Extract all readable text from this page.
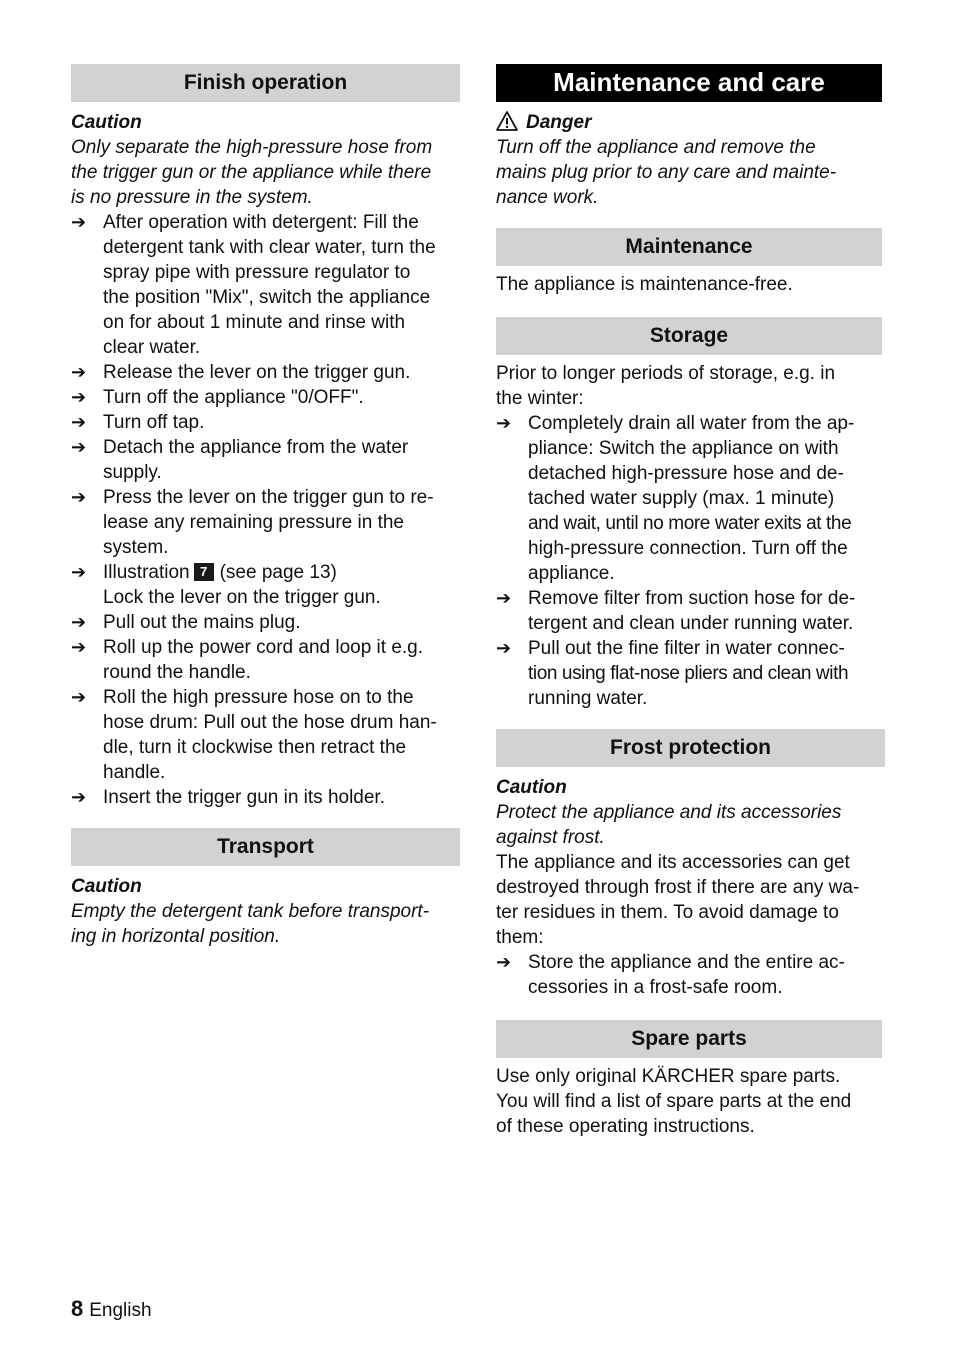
Finish operation
Caution
Only separate the high-pressure hose from
the trigger gun or the appliance while there
is no pressure in the system.
➔ After operation with detergent: Fill the
detergent tank with clear water, turn the
spray pipe with pressure regulator to
the position "Mix", switch the appliance
on for about 1 minute and rinse with
clear water.
➔ Release the lever on the trigger gun.
➔ Turn off the appliance "0/OFF".
➔ Turn off tap.
➔ Detach the appliance from the water
supply.
➔ Press the lever on the trigger gun to re-
lease any remaining pressure in the
system.
➔ Illustration 7 (see page 13)
Lock the lever on the trigger gun.
➔ Pull out the mains plug.
➔ Roll up the power cord and loop it e.g.
round the handle.
➔ Roll the high pressure hose on to the
hose drum: Pull out the hose drum han-
dle, turn it clockwise then retract the
handle.
➔ Insert the trigger gun in its holder.
Transport
Caution
Empty the detergent tank before transport-
ing in horizontal position.
Maintenance and care
Danger
Turn off the appliance and remove the
mains plug prior to any care and mainte-
nance work.
Maintenance
The appliance is maintenance-free.
Storage
Prior to longer periods of storage, e.g. in
the winter:
➔ Completely drain all water from the ap-
pliance: Switch the appliance on with
detached high-pressure hose and de-
tached water supply (max. 1 minute)
and wait, until no more water exits at the
high-pressure connection. Turn off the
appliance.
➔ Remove filter from suction hose for de-
tergent and clean under running water.
➔ Pull out the fine filter in water connec-
tion using flat-nose pliers and clean with
running water.
Frost protection
Caution
Protect the appliance and its accessories
against frost.
The appliance and its accessories can get
destroyed through frost if there are any wa-
ter residues in them. To avoid damage to
them:
➔ Store the appliance and the entire ac-
cessories in a frost-safe room.
Spare parts
Use only original KÄRCHER spare parts.
You will find a list of spare parts at the end
of these operating instructions.
8 English
